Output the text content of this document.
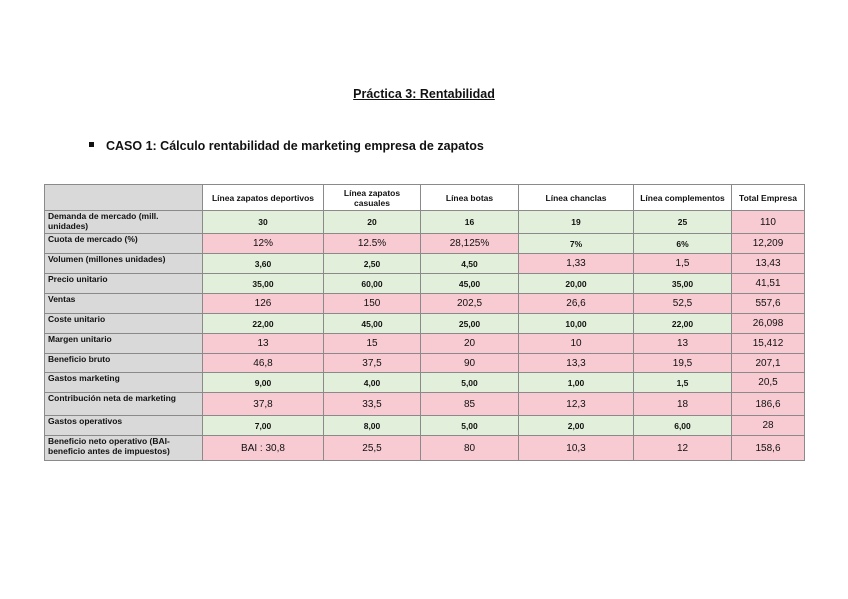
Práctica 3: Rentabilidad
CASO 1: Cálculo rentabilidad de marketing empresa de zapatos
	Línea zapatos deportivos	Línea zapatos casuales	Línea botas	Línea chanclas	Línea complementos	Total Empresa
Demanda de mercado (mill. unidades)	30	20	16	19	25	110
Cuota de mercado (%)	12%	12.5%	28,125%	7%	6%	12,209
Volumen (millones unidades)	3,60	2,50	4,50	1,33	1,5	13,43
Precio unitario	35,00	60,00	45,00	20,00	35,00	41,51
Ventas	126	150	202,5	26,6	52,5	557,6
Coste unitario	22,00	45,00	25,00	10,00	22,00	26,098
Margen unitario	13	15	20	10	13	15,412
Beneficio bruto	46,8	37,5	90	13,3	19,5	207,1
Gastos marketing	9,00	4,00	5,00	1,00	1,5	20,5
Contribución neta de marketing	37,8	33,5	85	12,3	18	186,6
Gastos operativos	7,00	8,00	5,00	2,00	6,00	28
Beneficio neto operativo (BAI- beneficio antes de impuestos)	BAI : 30,8	25,5	80	10,3	12	158,6
